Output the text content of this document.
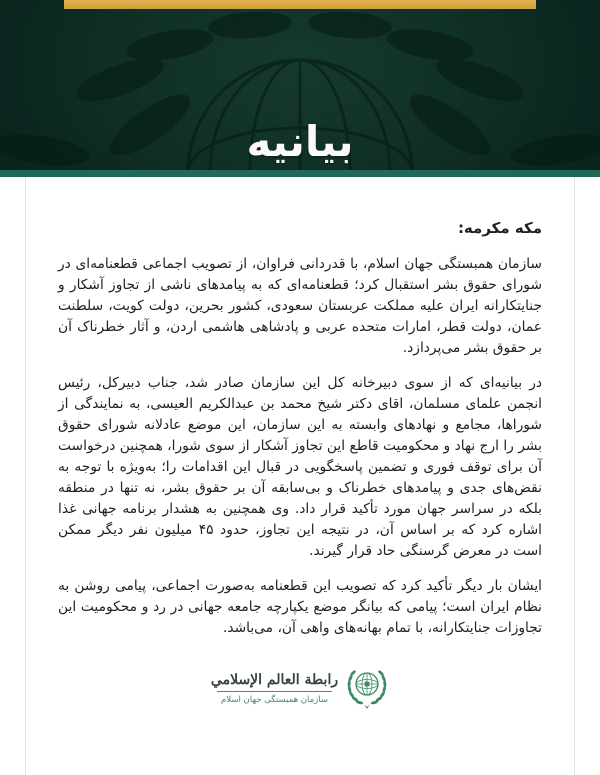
بیانیه
مکه مکرمه:

سازمان همبستگی جهان اسلام، با قدردانی فراوان، از تصویب اجماعی قطعنامه‌ای در شورای حقوق بشر استقبال کرد؛ قطعنامه‌ای که به پیامدهای ناشی از تجاوز آشکار و جنایتکارانه ایران علیه مملکت عربستان سعودی، کشور بحرین، دولت کویت، سلطنت عمان، دولت قطر، امارات متحده عربی و پادشاهی هاشمی اردن، و آثار خطرناک آن بر حقوق بشر می‌پردازد.

در بیانیه‌ای که از سوی دبیرخانه کل این سازمان صادر شد، جناب دبیرکل، رئیس انجمن علمای مسلمان، اقای دکتر شیخ محمد بن عبدالکریم العیسی، به نمایندگی از شوراها، مجامع و نهادهای وابسته به این سازمان، این موضع عادلانه شورای حقوق بشر را ارج نهاد و محکومیت قاطع این تجاوز آشکار از سوی شورا، همچنین درخواست آن برای توقف فوری و تضمین پاسخگویی در قبال این اقدامات را؛ به‌ویژه با توجه به نقض‌های جدی و پیامدهای خطرناک و بی‌سابقه آن بر حقوق بشر، نه تنها در منطقه بلکه در سراسر جهان مورد تأکید قرار داد. وی همچنین به هشدار برنامه جهانی غذا اشاره کرد که بر اساس آن، در نتیجه این تجاوز، حدود ۴۵ میلیون نفر دیگر ممکن است در معرض گرسنگی حاد قرار گیرند.

ایشان بار دیگر تأکید کرد که تصویب این قطعنامه به‌صورت اجماعی، پیامی روشن به نظام ایران است؛ پیامی که بیانگر موضع یکپارچه جامعه جهانی در رد و محکومیت این تجاوزات جنایتکارانه، با تمام بهانه‌های واهی آن، می‌باشد.

رابطة العالم الإسلامي
سازمان همبستگی جهان اسلام
